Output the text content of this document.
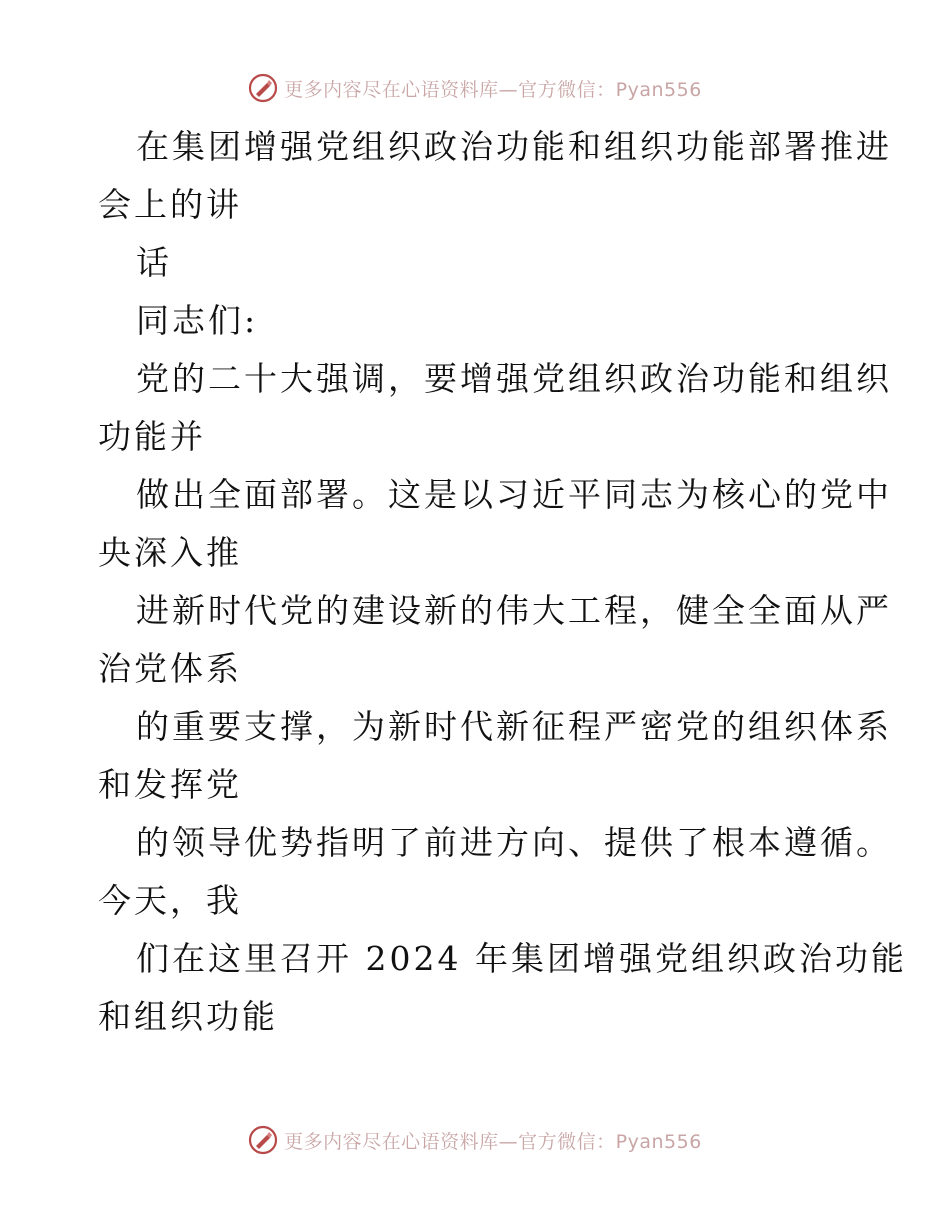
更多内容尽在心语资料库—官方微信：Pyan556
在集团增强党组织政治功能和组织功能部署推进
会上的讲
话
同志们:
党的二十大强调，要增强党组织政治功能和组织
功能并
做出全面部署。这是以习近平同志为核心的党中
央深入推
进新时代党的建设新的伟大工程，健全全面从严
治党体系
的重要支撑，为新时代新征程严密党的组织体系
和发挥党
的领导优势指明了前进方向、提供了根本遵循。
今天，我
们在这里召开 2024 年集团增强党组织政治功能
和组织功能
更多内容尽在心语资料库—官方微信：Pyan556
